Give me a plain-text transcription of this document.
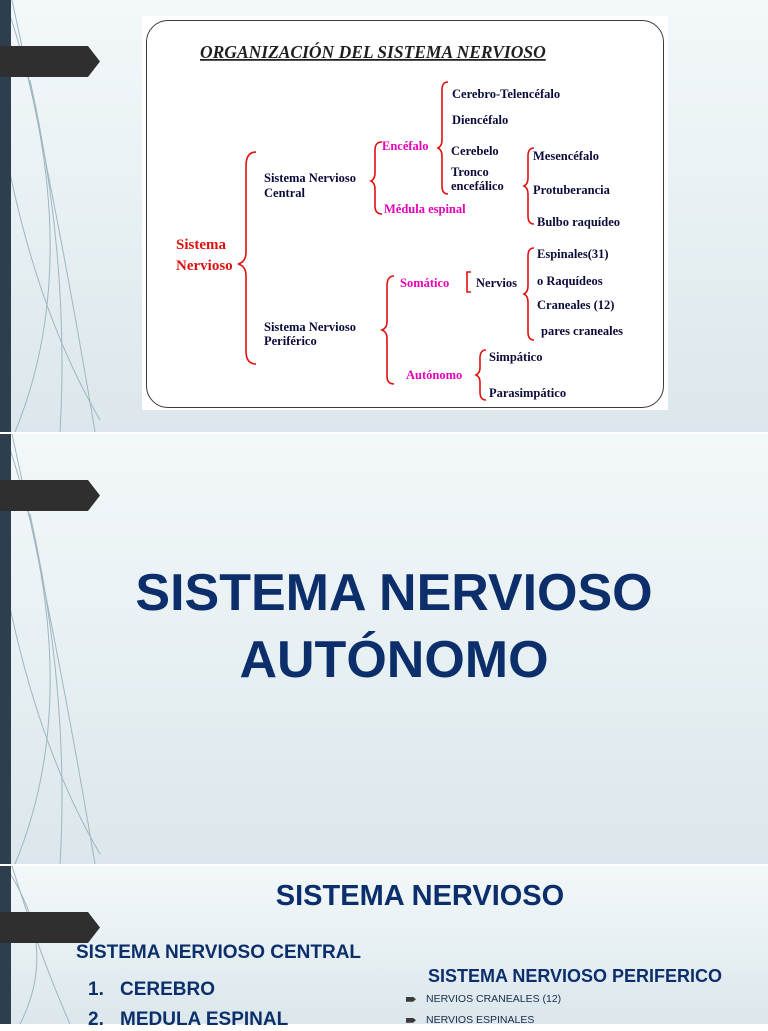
ORGANIZACIÓN DEL SISTEMA NERVIOSO
Sistema
Nervioso
Sistema Nervioso
Central
Encéfalo
Médula espinal
Cerebro-Telencéfalo
Diencéfalo
Cerebelo
Tronco
encefálico
Mesencéfalo
Protuberancia
Bulbo raquídeo
Sistema Nervioso
Periférico
Somático Nervios
Espinales(31)
o Raquídeos
Craneales (12)
pares craneales
Autónomo
Simpático
Parasimpático
SISTEMA NERVIOSO
AUTÓNOMO
SISTEMA NERVIOSO
SISTEMA NERVIOSO CENTRAL
1. CEREBRO
2. MEDULA ESPINAL
SISTEMA NERVIOSO PERIFERICO
NERVIOS CRANEALES (12)
NERVIOS ESPINALES
